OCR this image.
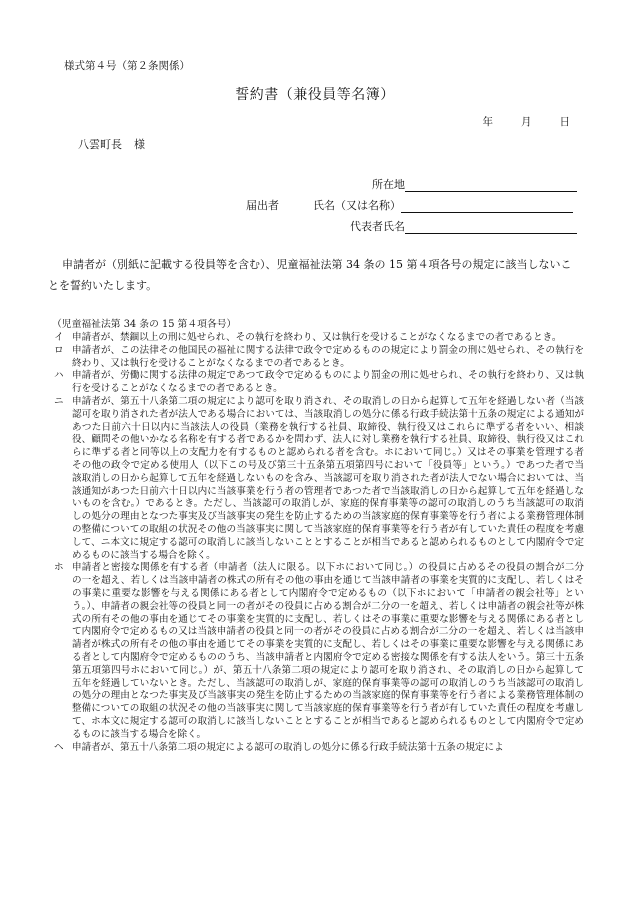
様式第４号（第２条関係）
誓約書（兼役員等名簿）
年	月	日
八雲町長 様
所在地
届出者	氏名（又は名称）
代表者氏名
申請者が（別紙に記載する役員等を含む）、児童福祉法第 34 条の 15 第４項各号の規定に該当しないことを誓約いたします。
（児童福祉法第 34 条の 15 第４項各号）
イ 申請者が、禁錮以上の刑に処せられ、その執行を終わり、又は執行を受けることがなくなるまでの者であるとき。
ロ 申請者が、この法律その他国民の福祉に関する法律で政令で定めるものの規定により罰金の刑に処せられ、その執行を終わり、又は執行を受けることがなくなるまでの者であるとき。
ハ 申請者が、労働に関する法律の規定であつて政令で定めるものにより罰金の刑に処せられ、その執行を終わり、又は執行を受けることがなくなるまでの者であるとき。
ニ 申請者が、第五十八条第二項の規定により認可を取り消され、その取消しの日から起算して五年を経過しない者（当該認可を取り消された者が法人である場合においては、当該取消しの処分に係る行政手続法第十五条の規定による通知があつた日前六十日以内に当該法人の役員（業務を執行する社員、取締役、執行役又はこれらに準ずる者をいい、相談役、顧問その他いかなる名称を有する者であるかを問わず、法人に対し業務を執行する社員、取締役、執行役又はこれらに準ずる者と同等以上の支配力を有するものと認められる者を含む。ホにおいて同じ。）又はその事業を管理する者その他の政令で定める使用人（以下この号及び第三十五条第五項第四号において「役員等」という。）であつた者で当該取消しの日から起算して五年を経過しないものを含み、当該認可を取り消された者が法人でない場合においては、当該通知があつた日前六十日以内に当該事業を行う者の管理者であつた者で当該取消しの日から起算して五年を経過しないものを含む。）であるとき。ただし、当該認可の取消しが、家庭的保育事業等の認可の取消しのうち当該認可の取消しの処分の理由となつた事実及び当該事実の発生を防止するための当該家庭的保育事業等を行う者による業務管理体制の整備についての取組の状況その他の当該事実に関して当該家庭的保育事業等を行う者が有していた責任の程度を考慮して、ニ本文に規定する認可の取消しに該当しないこととすることが相当であると認められるものとして内閣府令で定めるものに該当する場合を除く。
ホ 申請者と密接な関係を有する者（申請者（法人に限る。以下ホにおいて同じ。）の役員に占めるその役員の割合が二分の一を超え、若しくは当該申請者の株式の所有その他の事由を通じて当該申請者の事業を実質的に支配し、若しくはその事業に重要な影響を与える関係にある者として内閣府令で定めるもの（以下ホにおいて「申請者の親会社等」という。）、申請者の親会社等の役員と同一の者がその役員に占める割合が二分の一を超え、若しくは申請者の親会社等が株式の所有その他の事由を通じてその事業を実質的に支配し、若しくはその事業に重要な影響を与える関係にある者として内閣府令で定めるもの又は当該申請者の役員と同一の者がその役員に占める割合が二分の一を超え、若しくは当該申請者が株式の所有その他の事由を通じてその事業を実質的に支配し、若しくはその事業に重要な影響を与える関係にある者として内閣府令で定めるもののうち、当該申請者と内閣府令で定める密接な関係を有する法人をいう。第三十五条第五項第四号ホにおいて同じ。）が、第五十八条第二項の規定により認可を取り消され、その取消しの日から起算して五年を経過していないとき。ただし、当該認可の取消しが、家庭的保育事業等の認可の取消しのうち当該認可の取消しの処分の理由となつた事実及び当該事実の発生を防止するための当該家庭的保育事業等を行う者による業務管理体制の整備についての取組の状況その他の当該事実に関して当該家庭的保育事業等を行う者が有していた責任の程度を考慮して、ホ本文に規定する認可の取消しに該当しないこととすることが相当であると認められるものとして内閣府令で定めるものに該当する場合を除く。
ヘ 申請者が、第五十八条第二項の規定による認可の取消しの処分に係る行政手続法第十五条の規定によ
